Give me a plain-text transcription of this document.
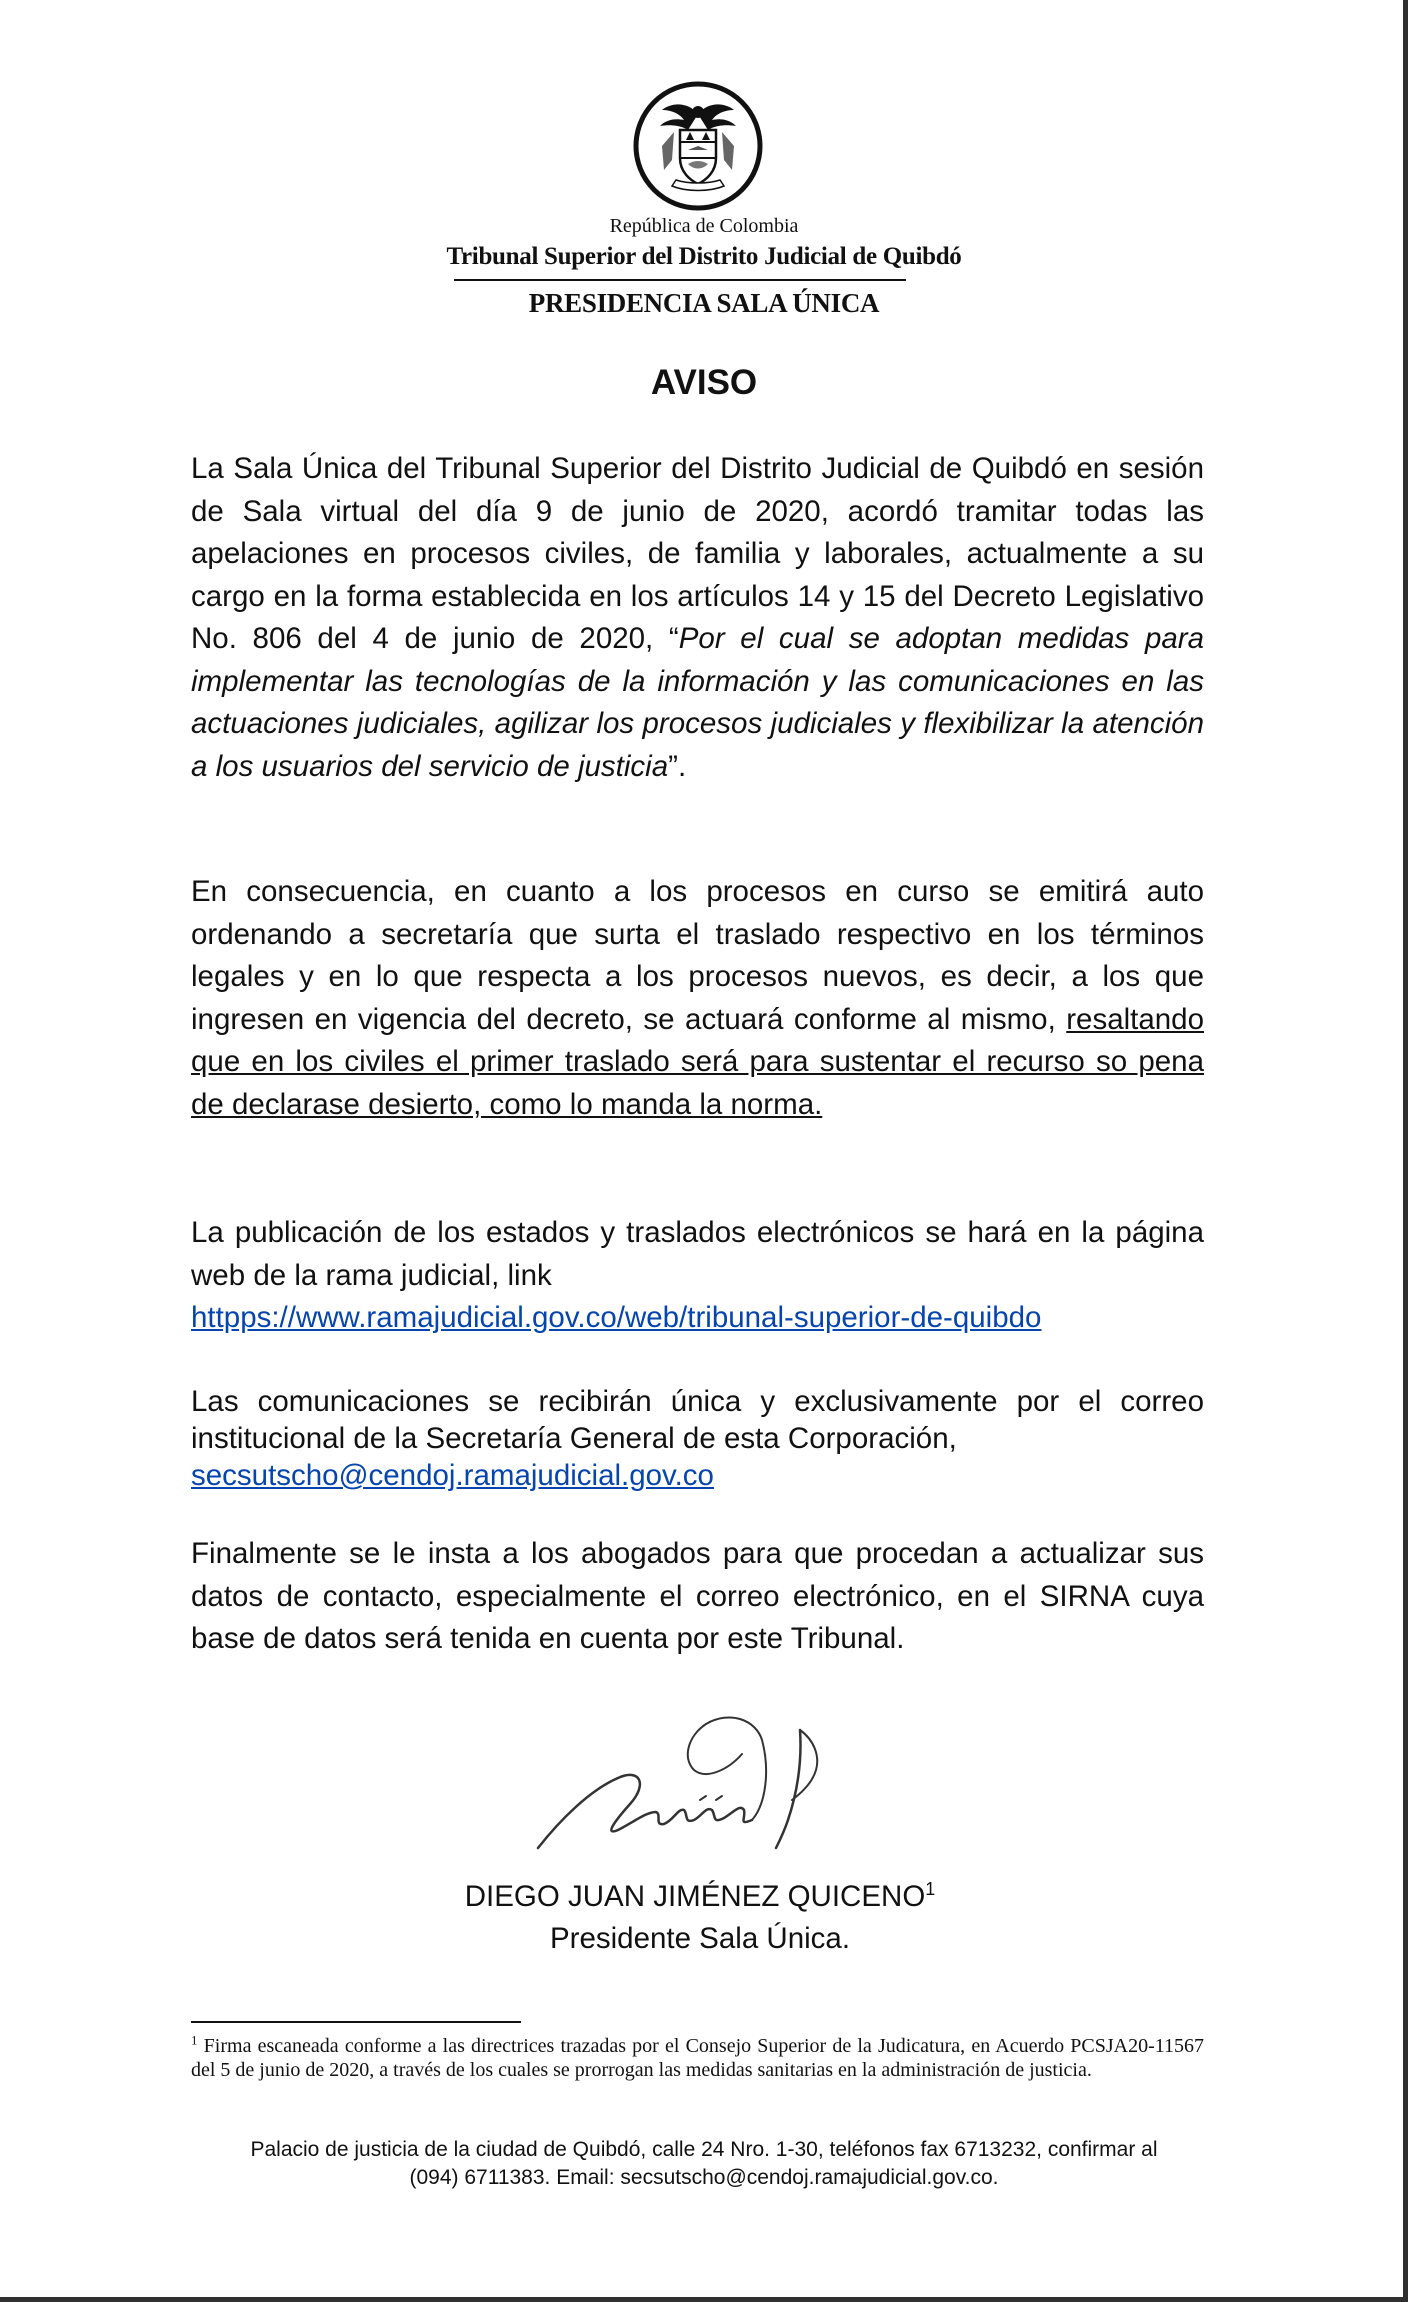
República de Colombia
Tribunal Superior del Distrito Judicial de Quibdó
PRESIDENCIA SALA ÚNICA
AVISO
La Sala Única del Tribunal Superior del Distrito Judicial de Quibdó en sesión de Sala virtual del día 9 de junio de 2020, acordó tramitar todas las apelaciones en procesos civiles, de familia y laborales, actualmente a su cargo en la forma establecida en los artículos 14 y 15 del Decreto Legislativo No. 806 del 4 de junio de 2020, “Por el cual se adoptan medidas para implementar las tecnologías de la información y las comunicaciones en las actuaciones judiciales, agilizar los procesos judiciales y flexibilizar la atención a los usuarios del servicio de justicia”.
En consecuencia, en cuanto a los procesos en curso se emitirá auto ordenando a secretaría que surta el traslado respectivo en los términos legales y en lo que respecta a los procesos nuevos, es decir, a los que ingresen en vigencia del decreto, se actuará conforme al mismo, resaltando que en los civiles el primer traslado será para sustentar el recurso so pena de declarase desierto, como lo manda la norma.
La publicación de los estados y traslados electrónicos se hará en la página web de la rama judicial, link
httpps://www.ramajudicial.gov.co/web/tribunal-superior-de-quibdo
Las comunicaciones se recibirán única y exclusivamente por el correo institucional de la Secretaría General de esta Corporación,
secsutscho@cendoj.ramajudicial.gov.co
Finalmente se le insta a los abogados para que procedan a actualizar sus datos de contacto, especialmente el correo electrónico, en el SIRNA cuya base de datos será tenida en cuenta por este Tribunal.
DIEGO JUAN JIMÉNEZ QUICENO$^1$
Presidente Sala Única.
$^1$ Firma escaneada conforme a las directrices trazadas por el Consejo Superior de la Judicatura, en Acuerdo PCSJA20-11567 del 5 de junio de 2020, a través de los cuales se prorrogan las medidas sanitarias en la administración de justicia.
Palacio de justicia de la ciudad de Quibdó, calle 24 Nro. 1-30, teléfonos fax 6713232, confirmar al
(094) 6711383. Email: secsutscho@cendoj.ramajudicial.gov.co.
